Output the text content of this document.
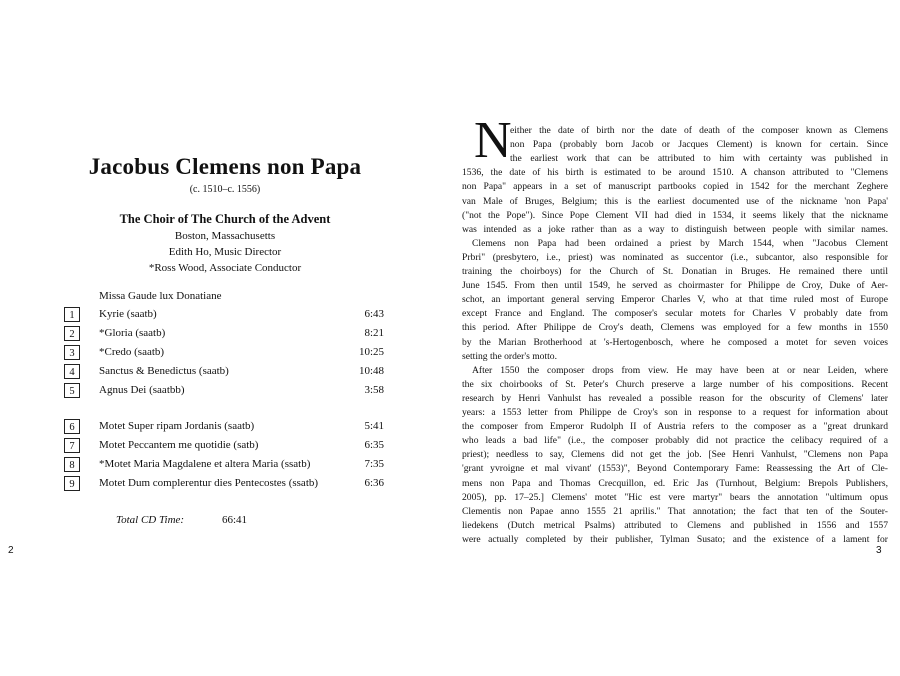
Jacobus Clemens non Papa
(c. 1510–c. 1556)
The Choir of The Church of the Advent
Boston, Massachusetts
Edith Ho, Music Director
*Ross Wood, Associate Conductor
Missa Gaude lux Donatiane
1	Kyrie (saatb)	6:43
2	*Gloria (saatb)	8:21
3	*Credo (saatb)	10:25
4	Sanctus & Benedictus (saatb)	10:48
5	Agnus Dei (saatbb)	3:58
6	Motet Super ripam Jordanis (saatb)	5:41
7	Motet Peccantem me quotidie (satb)	6:35
8	*Motet Maria Magdalene et altera Maria (ssatb)	7:35
9	Motet Dum complerentur dies Pentecostes (ssatb)	6:36
Total CD Time:	66:41
2
N
either the date of birth nor the date of death of the composer known as Clemens
non Papa (probably born Jacob or Jacques Clement) is known for certain. Since
the earliest work that can be attributed to him with certainty was published in
1536, the date of his birth is estimated to be around 1510. A chanson attributed to "Clemens
non Papa" appears in a set of manuscript partbooks copied in 1542 for the merchant Zeghere
van Male of Bruges, Belgium; this is the earliest documented use of the nickname 'non Papa'
("not the Pope"). Since Pope Clement VII had died in 1534, it seems likely that the nickname
was intended as a joke rather than as a way to distinguish between people with similar names.
Clemens non Papa had been ordained a priest by March 1544, when "Jacobus Clement
Prbri" (presbytero, i.e., priest) was nominated as succentor (i.e., subcantor, also responsible for
training the choirboys) for the Church of St. Donatian in Bruges. He remained there until
June 1545. From then until 1549, he served as choirmaster for Philippe de Croy, Duke of Aer-
schot, an important general serving Emperor Charles V, who at that time ruled most of Europe
except France and England. The composer's secular motets for Charles V probably date from
this period. After Philippe de Croy's death, Clemens was employed for a few months in 1550
by the Marian Brotherhood at 's-Hertogenbosch, where he composed a motet for seven voices
setting the order's motto.
After 1550 the composer drops from view. He may have been at or near Leiden, where
the six choirbooks of St. Peter's Church preserve a large number of his compositions. Recent
research by Henri Vanhulst has revealed a possible reason for the obscurity of Clemens' later
years: a 1553 letter from Philippe de Croy's son in response to a request for information about
the composer from Emperor Rudolph II of Austria refers to the composer as a "great drunkard
who leads a bad life" (i.e., the composer probably did not practice the celibacy required of a
priest); needless to say, Clemens did not get the job. [See Henri Vanhulst, "Clemens non Papa
'grant yvroigne et mal vivant' (1553)", Beyond Contemporary Fame: Reassessing the Art of Cle-
mens non Papa and Thomas Crecquillon, ed. Eric Jas (Turnhout, Belgium: Brepols Publishers,
2005), pp. 17–25.] Clemens' motet "Hic est vere martyr" bears the annotation "ultimum opus
Clementis non Papae anno 1555 21 aprilis." That annotation; the fact that ten of the Souter-
liedekens (Dutch metrical Psalms) attributed to Clemens and published in 1556 and 1557
were actually completed by their publisher, Tylman Susato; and the existence of a lament for
3
